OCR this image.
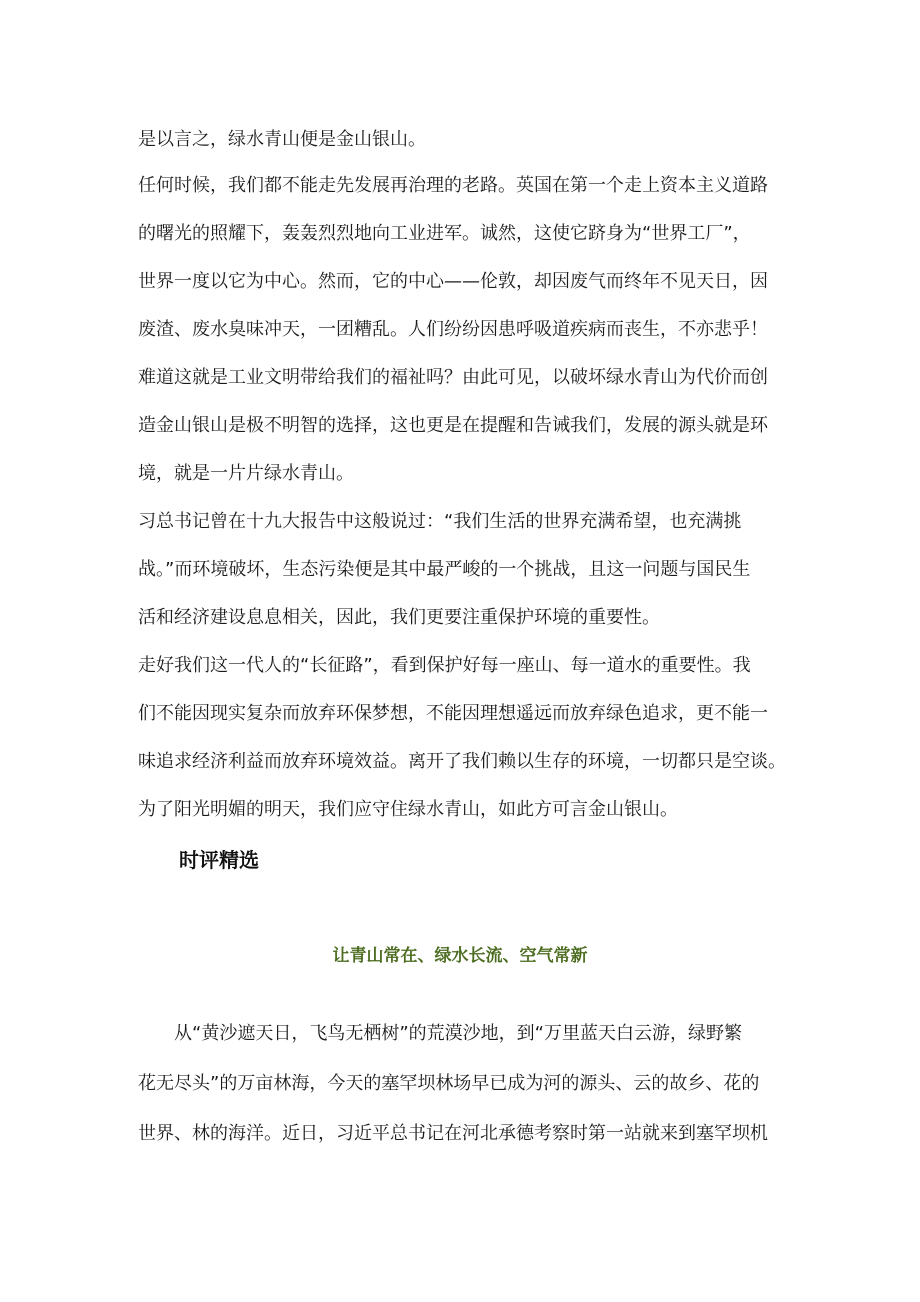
是以言之，绿水青山便是金山银山。
任何时候，我们都不能走先发展再治理的老路。英国在第一个走上资本主义道路
的曙光的照耀下，轰轰烈烈地向工业进军。诚然，这使它跻身为“世界工厂”，
世界一度以它为中心。然而，它的中心——伦敦，却因废气而终年不见天日，因
废渣、废水臭味冲天，一团糟乱。人们纷纷因患呼吸道疾病而丧生，不亦悲乎！
难道这就是工业文明带给我们的福祉吗？由此可见，以破坏绿水青山为代价而创
造金山银山是极不明智的选择，这也更是在提醒和告诫我们，发展的源头就是环
境，就是一片片绿水青山。
习总书记曾在十九大报告中这般说过：“我们生活的世界充满希望，也充满挑
战。”而环境破坏，生态污染便是其中最严峻的一个挑战，且这一问题与国民生
活和经济建设息息相关，因此，我们更要注重保护环境的重要性。
走好我们这一代人的“长征路”，看到保护好每一座山、每一道水的重要性。我
们不能因现实复杂而放弃环保梦想，不能因理想遥远而放弃绿色追求，更不能一
味追求经济利益而放弃环境效益。离开了我们赖以生存的环境，一切都只是空谈。
为了阳光明媚的明天，我们应守住绿水青山，如此方可言金山银山。
时评精选
让青山常在、绿水长流、空气常新
从“黄沙遮天日，飞鸟无栖树”的荒漠沙地，到“万里蓝天白云游，绿野繁
花无尽头”的万亩林海，今天的塞罕坝林场早已成为河的源头、云的故乡、花的
世界、林的海洋。近日，习近平总书记在河北承德考察时第一站就来到塞罕坝机
